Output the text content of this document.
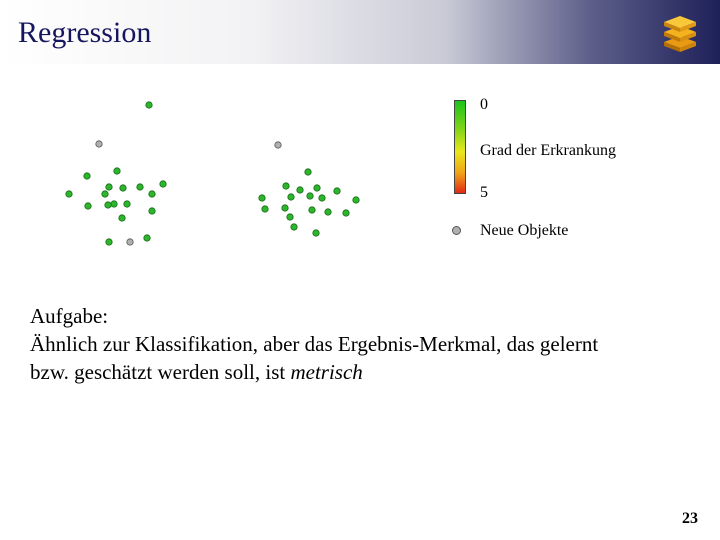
Regression
0
Grad der Erkrankung
5
Neue Objekte
Aufgabe:
Ähnlich zur Klassifikation, aber das Ergebnis-Merkmal, das gelernt
bzw. geschätzt werden soll, ist metrisch
23
